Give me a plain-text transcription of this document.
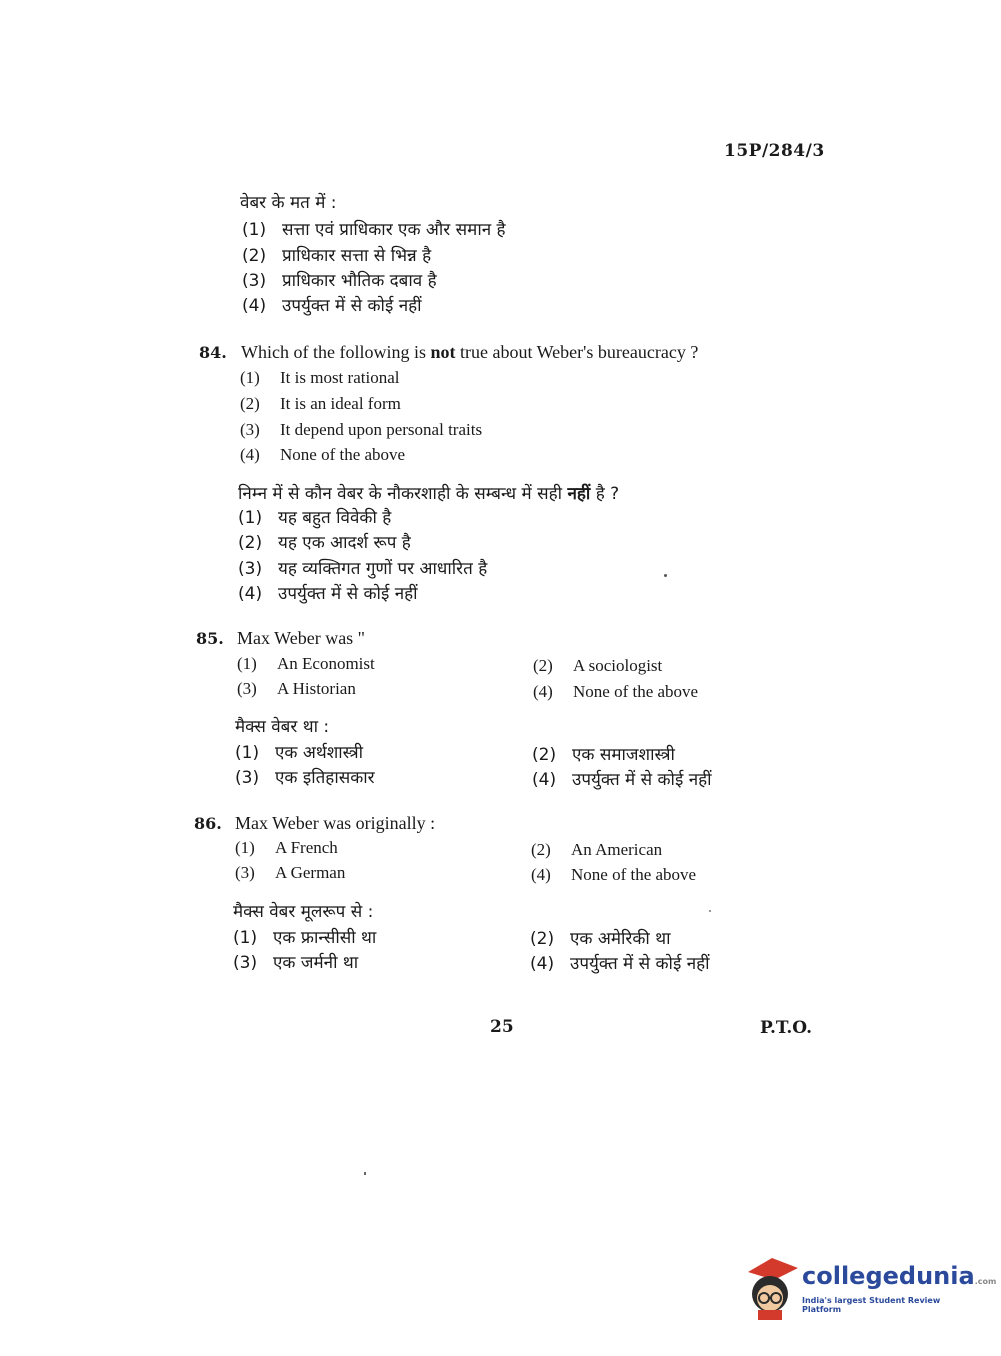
15P/284/3
वेबर के मत में :
(1) सत्ता एवं प्राधिकार एक और समान है
(2) प्राधिकार सत्ता से भिन्न है
(3) प्राधिकार भौतिक दबाव है
(4) उपर्युक्त में से कोई नहीं
84. Which of the following is not true about Weber's bureaucracy ?
(1) It is most rational
(2) It is an ideal form
(3) It depend upon personal traits
(4) None of the above
निम्न में से कौन वेबर के नौकरशाही के सम्बन्ध में सही नहीं है ?
(1) यह बहुत विवेकी है
(2) यह एक आदर्श रूप है
(3) यह व्यक्तिगत गुणों पर आधारित है
(4) उपर्युक्त में से कोई नहीं
85. Max Weber was "
(1) An Economist	(2) A sociologist
(3) A Historian	(4) None of the above
मैक्स वेबर था :
(1) एक अर्थशास्त्री	(2) एक समाजशास्त्री
(3) एक इतिहासकार	(4) उपर्युक्त में से कोई नहीं
86. Max Weber was originally :
(1) A French	(2) An American
(3) A German	(4) None of the above
मैक्स वेबर मूलरूप से :
(1) एक फ्रान्सीसी था	(2) एक अमेरिकी था
(3) एक जर्मनी था	(4) उपर्युक्त में से कोई नहीं
25	P.T.O.
collegedunia.com
India's largest Student Review Platform
